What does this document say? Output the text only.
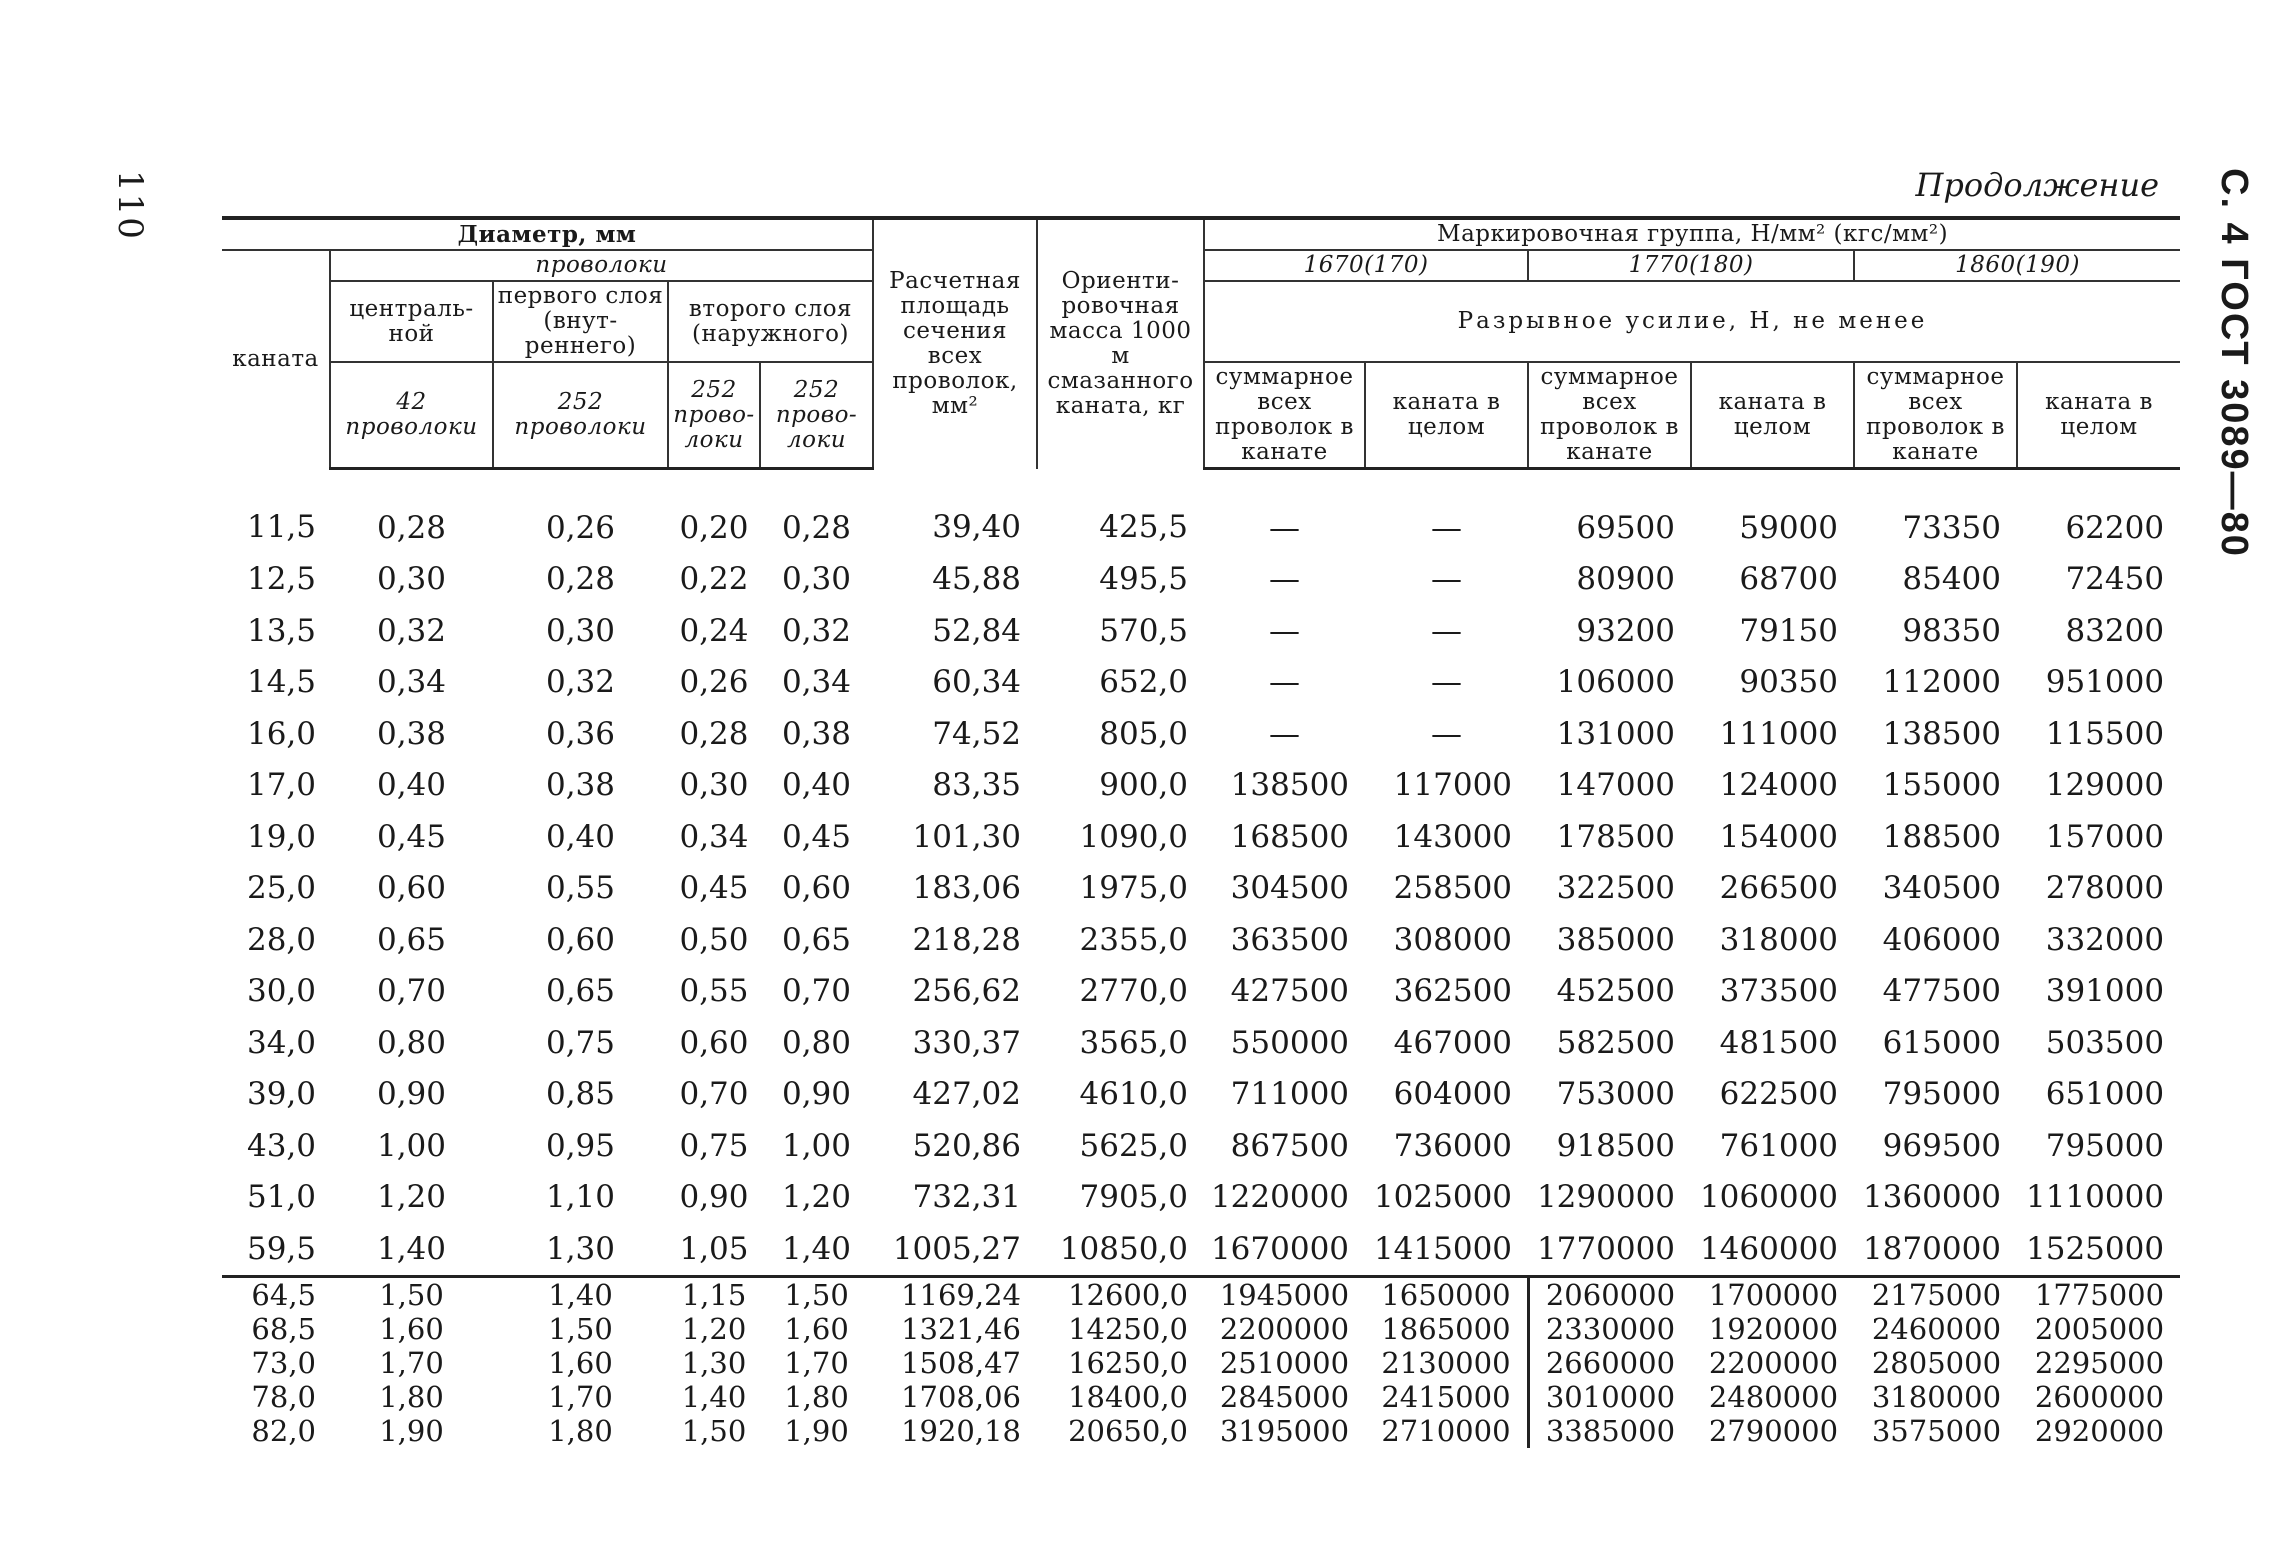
110	С. 4 ГОСТ 3089—80
Продолжение
Диаметр, мм					Расчетная площадь сечения всех проволок, мм²	Ориенти-ровочная масса 1000 м смазанного каната, кг	Маркировочная группа, Н/мм² (кгс/мм²)					
каната	проволоки						1670(170)		1770(180)		1860(190)	
	централь-ной	первого слоя (внут-реннего)	второго слоя (наружного)				Разрывное усилие, Н, не менее					
	42 проволоки	252 проволоки	252 прово-локи	252 прово-локи			суммарное всех проволок в канате	каната в целом	суммарное всех проволок в канате	каната в целом	суммарное всех проволок в канате	каната в целом
11,5	0,28	0,26	0,20	0,28	39,40	425,5	—	—	69500	59000	73350	62200
12,5	0,30	0,28	0,22	0,30	45,88	495,5	—	—	80900	68700	85400	72450
13,5	0,32	0,30	0,24	0,32	52,84	570,5	—	—	93200	79150	98350	83200
14,5	0,34	0,32	0,26	0,34	60,34	652,0	—	—	106000	90350	112000	951000
16,0	0,38	0,36	0,28	0,38	74,52	805,0	—	—	131000	111000	138500	115500
17,0	0,40	0,38	0,30	0,40	83,35	900,0	138500	117000	147000	124000	155000	129000
19,0	0,45	0,40	0,34	0,45	101,30	1090,0	168500	143000	178500	154000	188500	157000
25,0	0,60	0,55	0,45	0,60	183,06	1975,0	304500	258500	322500	266500	340500	278000
28,0	0,65	0,60	0,50	0,65	218,28	2355,0	363500	308000	385000	318000	406000	332000
30,0	0,70	0,65	0,55	0,70	256,62	2770,0	427500	362500	452500	373500	477500	391000
34,0	0,80	0,75	0,60	0,80	330,37	3565,0	550000	467000	582500	481500	615000	503500
39,0	0,90	0,85	0,70	0,90	427,02	4610,0	711000	604000	753000	622500	795000	651000
43,0	1,00	0,95	0,75	1,00	520,86	5625,0	867500	736000	918500	761000	969500	795000
51,0	1,20	1,10	0,90	1,20	732,31	7905,0	1220000	1025000	1290000	1060000	1360000	1110000
59,5	1,40	1,30	1,05	1,40	1005,27	10850,0	1670000	1415000	1770000	1460000	1870000	1525000
64,5	1,50	1,40	1,15	1,50	1169,24	12600,0	1945000	1650000	2060000	1700000	2175000	1775000
68,5	1,60	1,50	1,20	1,60	1321,46	14250,0	2200000	1865000	2330000	1920000	2460000	2005000
73,0	1,70	1,60	1,30	1,70	1508,47	16250,0	2510000	2130000	2660000	2200000	2805000	2295000
78,0	1,80	1,70	1,40	1,80	1708,06	18400,0	2845000	2415000	3010000	2480000	3180000	2600000
82,0	1,90	1,80	1,50	1,90	1920,18	20650,0	3195000	2710000	3385000	2790000	3575000	2920000
